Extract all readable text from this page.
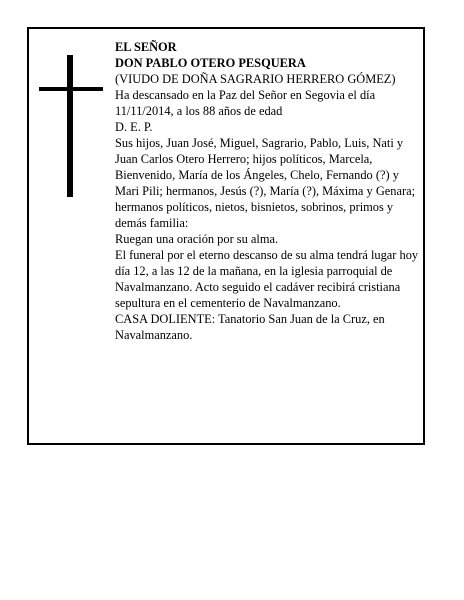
EL SEÑOR

DON PABLO OTERO PESQUERA

(VIUDO DE DOÑA SAGRARIO HERRERO GÓMEZ)

Ha descansado en la Paz del Señor en Segovia el día 11/11/2014, a los 88 años de edad

D. E. P.

Sus hijos, Juan José, Miguel, Sagrario, Pablo, Luis, Nati y Juan Carlos Otero Herrero; hijos políticos, Marcela, Bienvenido, María de los Ángeles, Chelo, Fernando (?) y Mari Pili; hermanos, Jesús (?), María (?), Máxima y Genara; hermanos políticos, nietos, bisnietos, sobrinos, primos y demás familia:

Ruegan una oración por su alma.

El funeral por el eterno descanso de su alma tendrá lugar hoy día 12, a las 12 de la mañana, en la iglesia parroquial de Navalmanzano. Acto seguido el cadáver recibirá cristiana sepultura en el cementerio de Navalmanzano.

CASA DOLIENTE: Tanatorio San Juan de la Cruz, en Navalmanzano.
